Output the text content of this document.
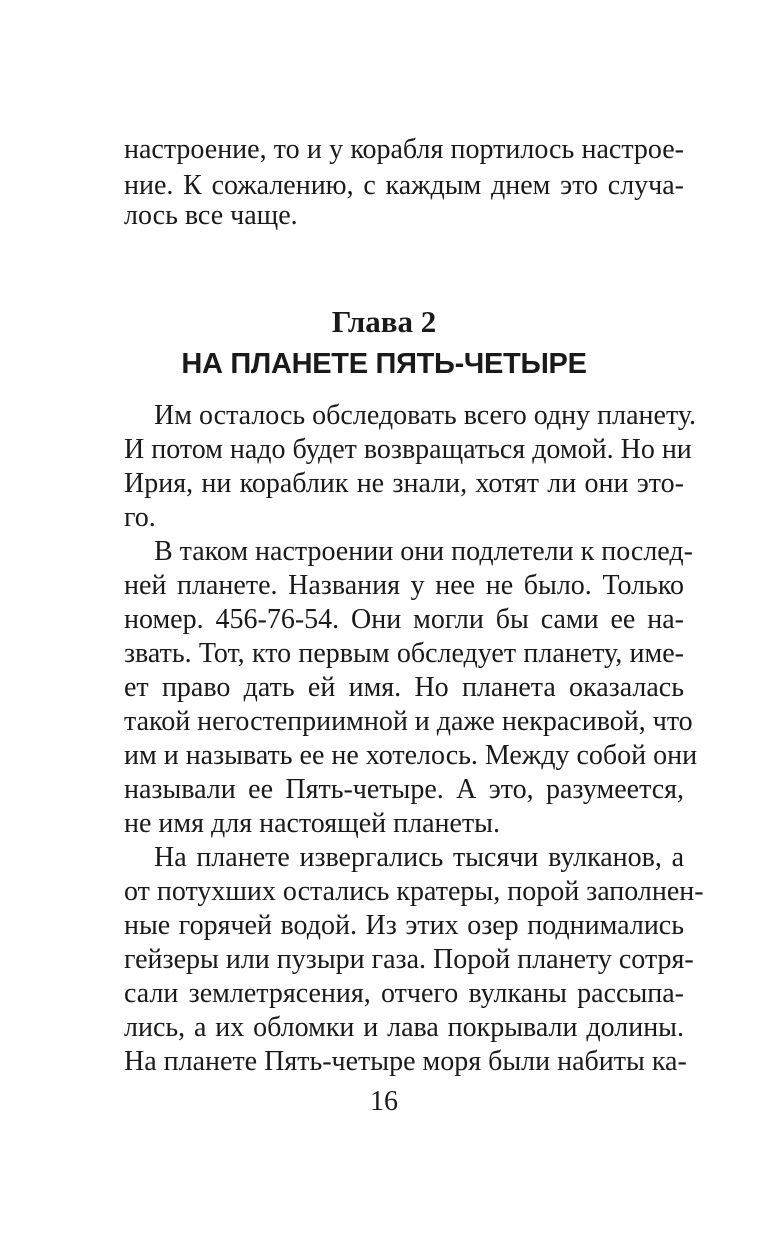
настроение, то и у корабля портилось настрое-
ние. К сожалению, с каждым днем это случа-
лось все чаще.
Глава 2
НА ПЛАНЕТЕ ПЯТЬ-ЧЕТЫРЕ
Им осталось обследовать всего одну планету.
И потом надо будет возвращаться домой. Но ни
Ирия, ни кораблик не знали, хотят ли они это-
го.
В таком настроении они подлетели к послед-
ней планете. Названия у нее не было. Только
номер. 456-76-54. Они могли бы сами ее на-
звать. Тот, кто первым обследует планету, име-
ет право дать ей имя. Но планета оказалась
такой негостеприимной и даже некрасивой, что
им и называть ее не хотелось. Между собой они
называли ее Пять-четыре. А это, разумеется,
не имя для настоящей планеты.
На планете извергались тысячи вулканов, а
от потухших остались кратеры, порой заполнен-
ные горячей водой. Из этих озер поднимались
гейзеры или пузыри газа. Порой планету сотря-
сали землетрясения, отчего вулканы рассыпа-
лись, а их обломки и лава покрывали долины.
На планете Пять-четыре моря были набиты ка-
16
